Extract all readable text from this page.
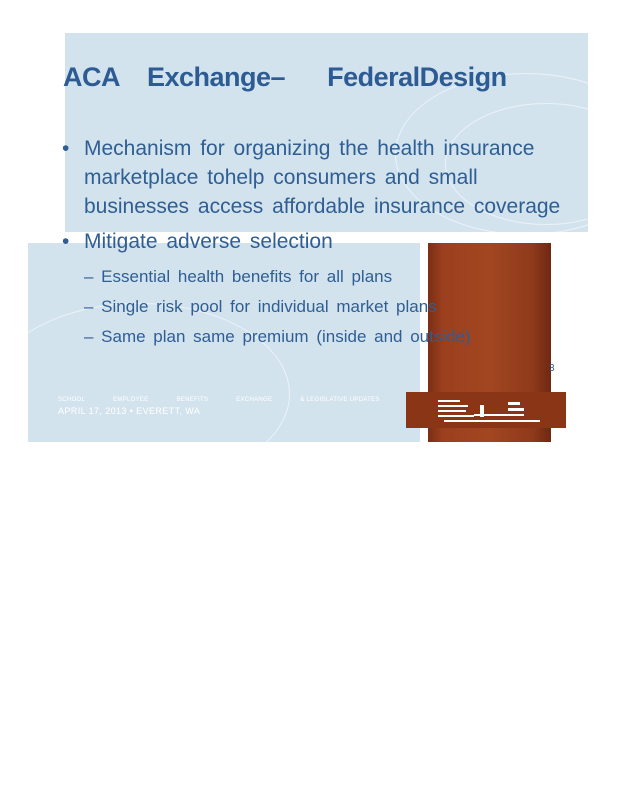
ACA    Exchange–      FederalDesign

• Mechanism for organizing the health insurance marketplace tohelp consumers and small businesses access affordable insurance coverage

• Mitigate adverse selection

– Essential health benefits for all plans
– Single risk pool for individual market plans
– Same plan same premium (inside and outside)
3
SCHOOL	EMPLOYEE	BENEFITS	EXCHANGE	& LEGISLATIVE UPDATES
APRIL 17, 2013 • EVERETT, WA
